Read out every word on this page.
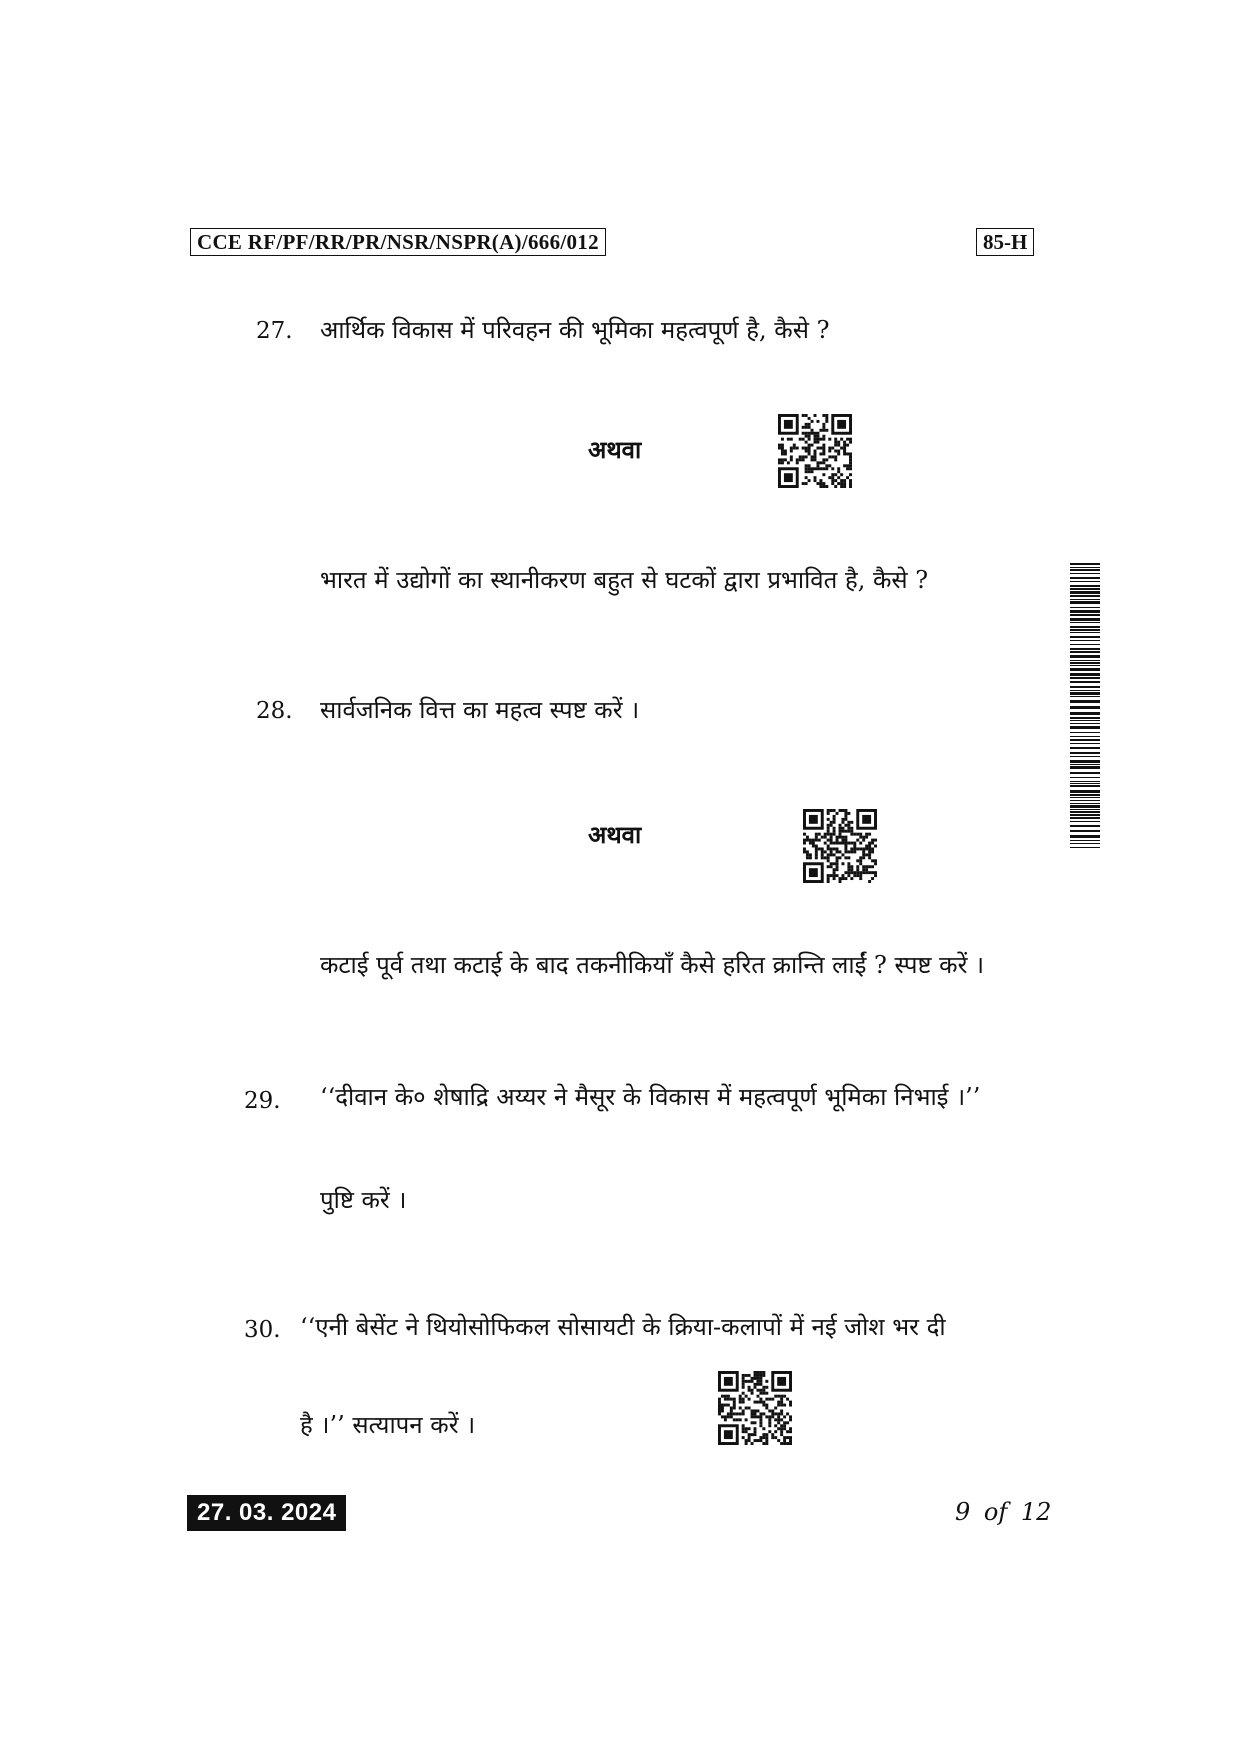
CCE RF/PF/RR/PR/NSR/NSPR(A)/666/012	85-H
27. आर्थिक विकास में परिवहन की भूमिका महत्वपूर्ण है, कैसे ?
अथवा
भारत में उद्योगों का स्थानीकरण बहुत से घटकों द्वारा प्रभावित है, कैसे ?
28. सार्वजनिक वित्त का महत्व स्पष्ट करें ।
अथवा
कटाई पूर्व तथा कटाई के बाद तकनीकियाँ कैसे हरित क्रान्ति लाईं ? स्पष्ट करें ।
29. ‘‘दीवान के० शेषाद्रि अय्यर ने मैसूर के विकास में महत्वपूर्ण भूमिका निभाई ।’’
पुष्टि करें ।
30. ‘‘एनी बेसेंट ने थियोसोफिकल सोसायटी के क्रिया-कलापों में नई जोश भर दी
है ।’’ सत्यापन करें ।
27. 03. 2024	9 of 12
